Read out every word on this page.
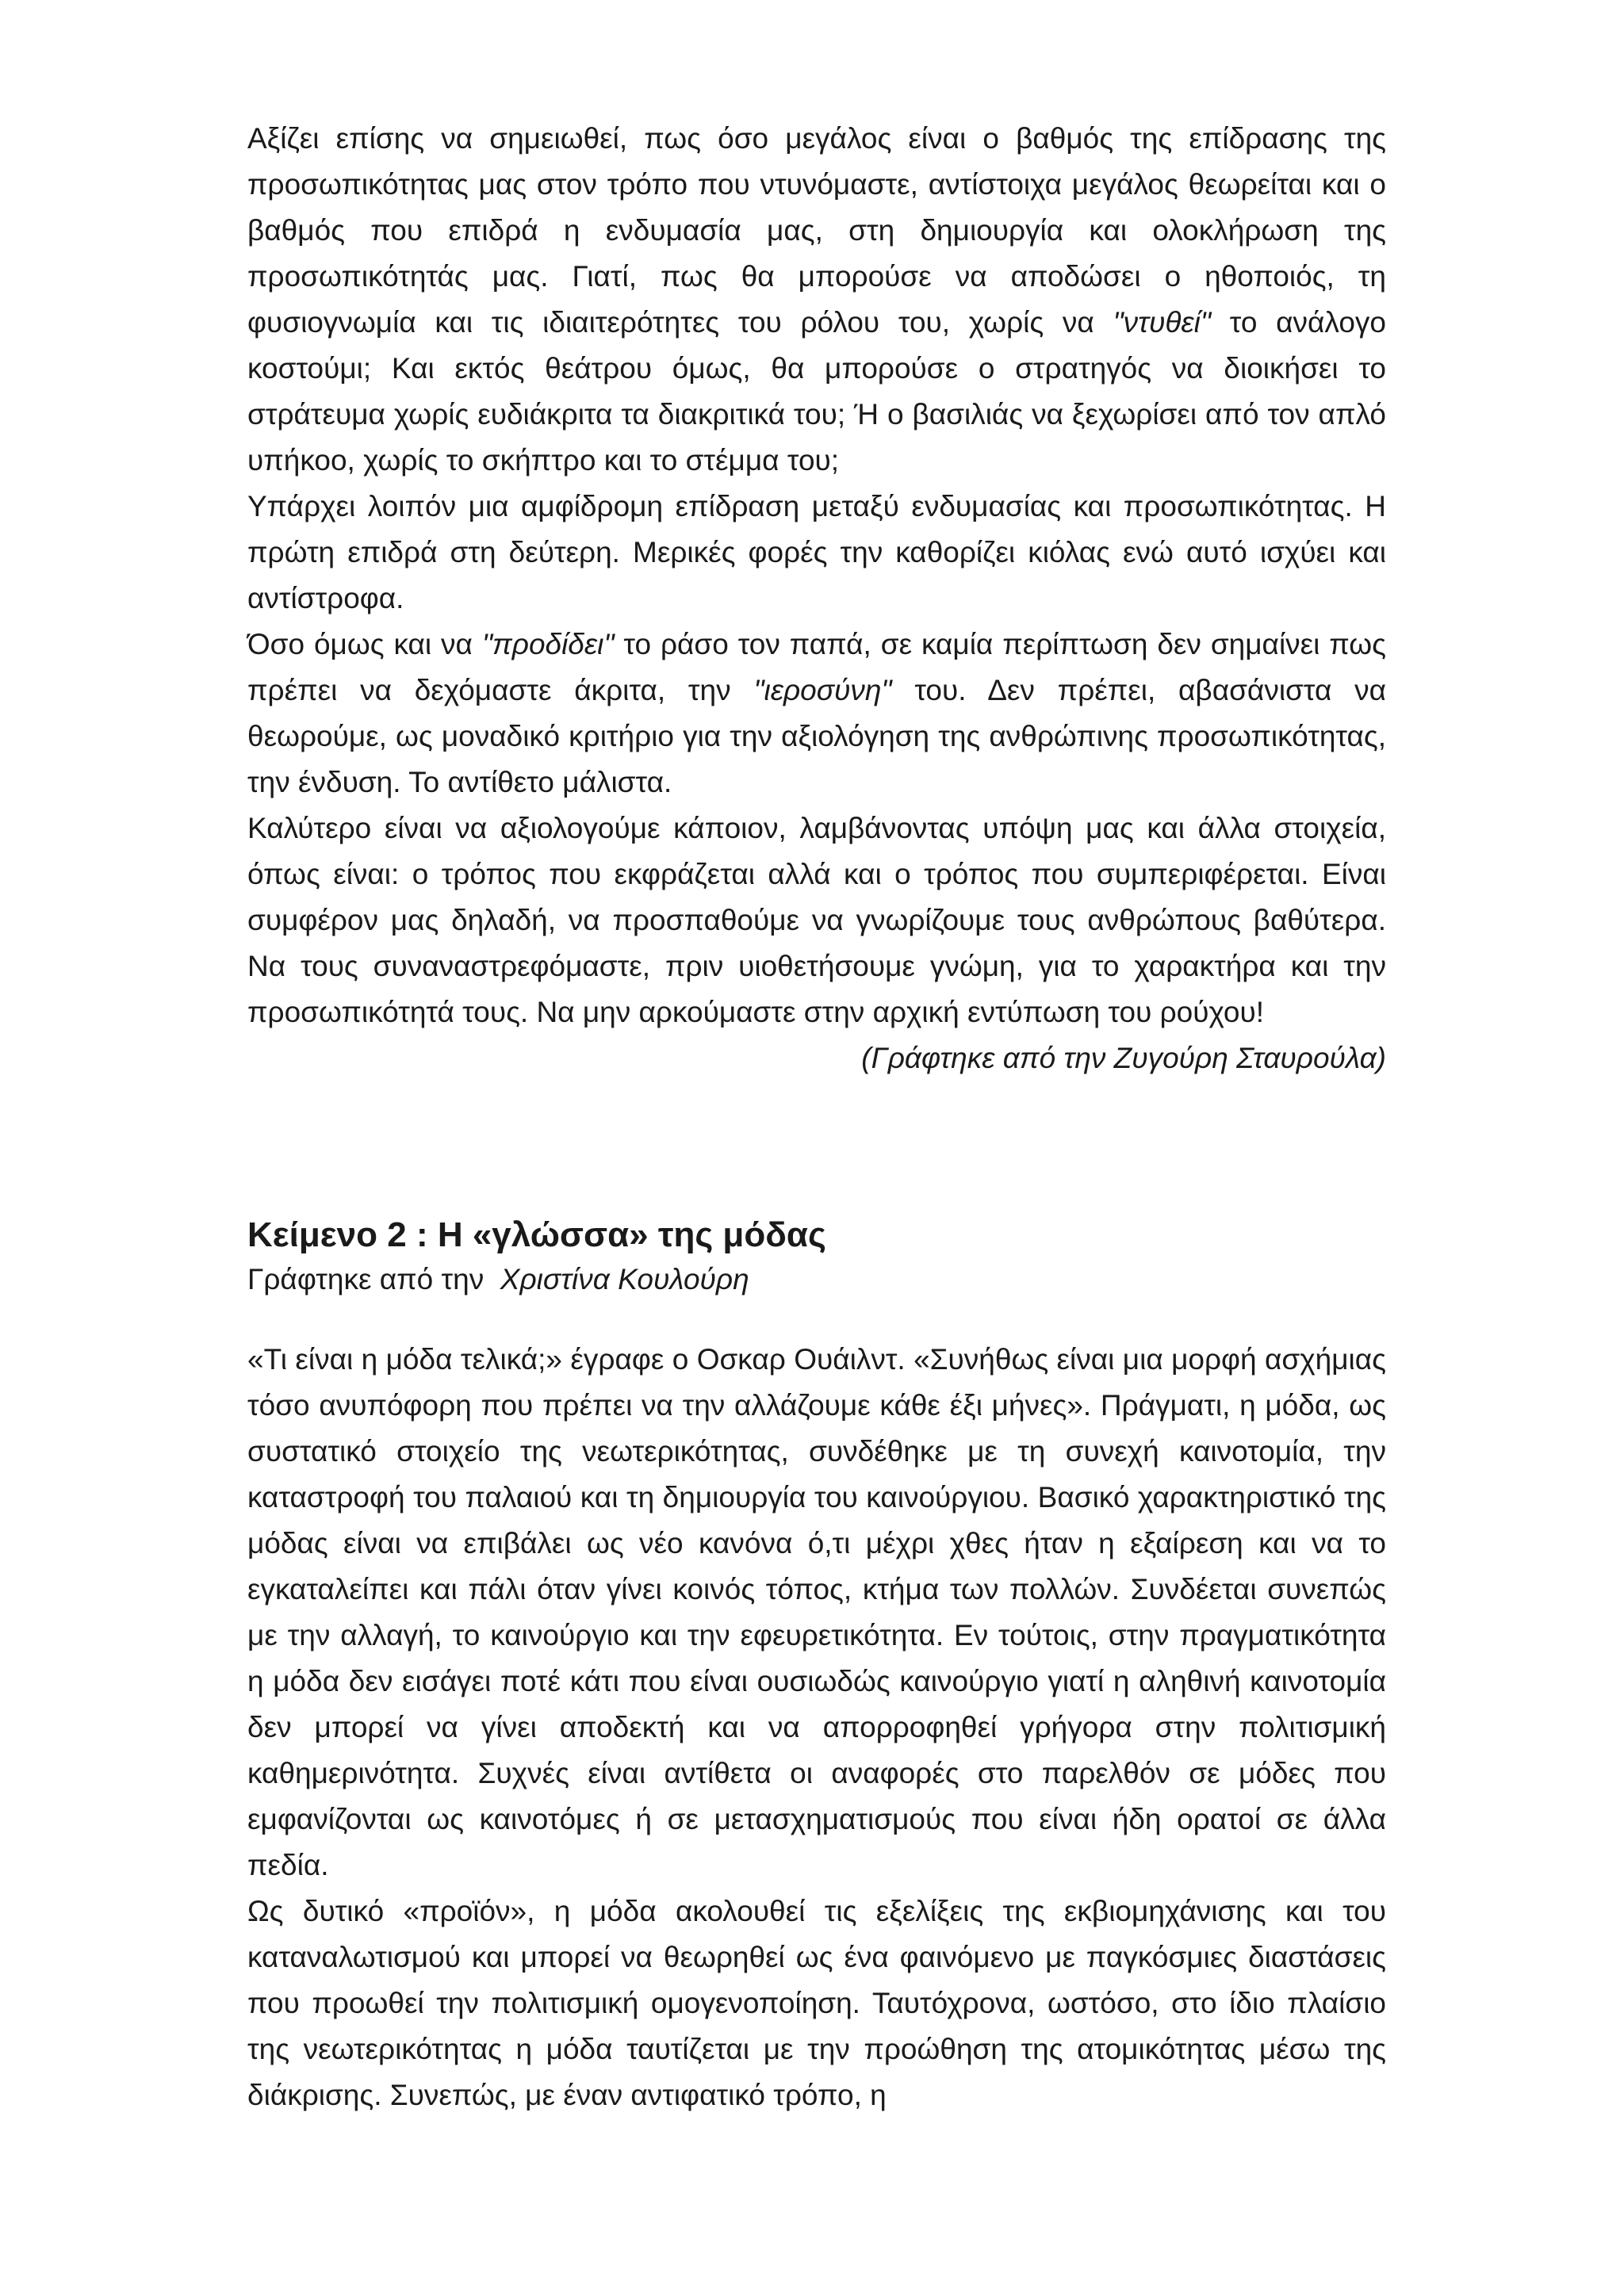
Αξίζει επίσης να σημειωθεί, πως όσο μεγάλος είναι ο βαθμός της επίδρασης της προσωπικότητας μας στον τρόπο που ντυνόμαστε, αντίστοιχα μεγάλος θεωρείται και ο βαθμός που επιδρά η ενδυμασία μας, στη δημιουργία και ολοκλήρωση της προσωπικότητάς μας. Γιατί, πως θα μπορούσε να αποδώσει ο ηθοποιός, τη φυσιογνωμία και τις ιδιαιτερότητες του ρόλου του, χωρίς να "ντυθεί" το ανάλογο κοστούμι; Και εκτός θεάτρου όμως, θα μπορούσε ο στρατηγός να διοικήσει το στράτευμα χωρίς ευδιάκριτα τα διακριτικά του; Ή ο βασιλιάς να ξεχωρίσει από τον απλό υπήκοο, χωρίς το σκήπτρο και το στέμμα του;

Υπάρχει λοιπόν μια αμφίδρομη επίδραση μεταξύ ενδυμασίας και προσωπικότητας. Η πρώτη επιδρά στη δεύτερη. Μερικές φορές την καθορίζει κιόλας ενώ αυτό ισχύει και αντίστροφα.

Όσο όμως και να "προδίδει" το ράσο τον παπά, σε καμία περίπτωση δεν σημαίνει πως πρέπει να δεχόμαστε άκριτα, την "ιεροσύνη" του. Δεν πρέπει, αβασάνιστα να θεωρούμε, ως μοναδικό κριτήριο για την αξιολόγηση της ανθρώπινης προσωπικότητας, την ένδυση. Το αντίθετο μάλιστα.

Καλύτερο είναι να αξιολογούμε κάποιον, λαμβάνοντας υπόψη μας και άλλα στοιχεία, όπως είναι: ο τρόπος που εκφράζεται αλλά και ο τρόπος που συμπεριφέρεται. Είναι συμφέρον μας δηλαδή, να προσπαθούμε να γνωρίζουμε τους ανθρώπους βαθύτερα. Να τους συναναστρεφόμαστε, πριν υιοθετήσουμε γνώμη, για το χαρακτήρα και την προσωπικότητά τους. Να μην αρκούμαστε στην αρχική εντύπωση του ρούχου!

(Γράφτηκε από την Ζυγούρη Σταυρούλα)

Κείμενο 2 : Η «γλώσσα» της μόδας

Γράφτηκε από την Χριστίνα Κουλούρη

«Τι είναι η μόδα τελικά;» έγραφε ο Οσκαρ Ουάιλντ. «Συνήθως είναι μια μορφή ασχήμιας τόσο ανυπόφορη που πρέπει να την αλλάζουμε κάθε έξι μήνες». Πράγματι, η μόδα, ως συστατικό στοιχείο της νεωτερικότητας, συνδέθηκε με τη συνεχή καινοτομία, την καταστροφή του παλαιού και τη δημιουργία του καινούργιου. Βασικό χαρακτηριστικό της μόδας είναι να επιβάλει ως νέο κανόνα ό,τι μέχρι χθες ήταν η εξαίρεση και να το εγκαταλείπει και πάλι όταν γίνει κοινός τόπος, κτήμα των πολλών. Συνδέεται συνεπώς με την αλλαγή, το καινούργιο και την εφευρετικότητα. Εν τούτοις, στην πραγματικότητα η μόδα δεν εισάγει ποτέ κάτι που είναι ουσιωδώς καινούργιο γιατί η αληθινή καινοτομία δεν μπορεί να γίνει αποδεκτή και να απορροφηθεί γρήγορα στην πολιτισμική καθημερινότητα. Συχνές είναι αντίθετα οι αναφορές στο παρελθόν σε μόδες που εμφανίζονται ως καινοτόμες ή σε μετασχηματισμούς που είναι ήδη ορατοί σε άλλα πεδία.

Ως δυτικό «προϊόν», η μόδα ακολουθεί τις εξελίξεις της εκβιομηχάνισης και του καταναλωτισμού και μπορεί να θεωρηθεί ως ένα φαινόμενο με παγκόσμιες διαστάσεις που προωθεί την πολιτισμική ομογενοποίηση. Ταυτόχρονα, ωστόσο, στο ίδιο πλαίσιο της νεωτερικότητας η μόδα ταυτίζεται με την προώθηση της ατομικότητας μέσω της διάκρισης. Συνεπώς, με έναν αντιφατικό τρόπο, η
